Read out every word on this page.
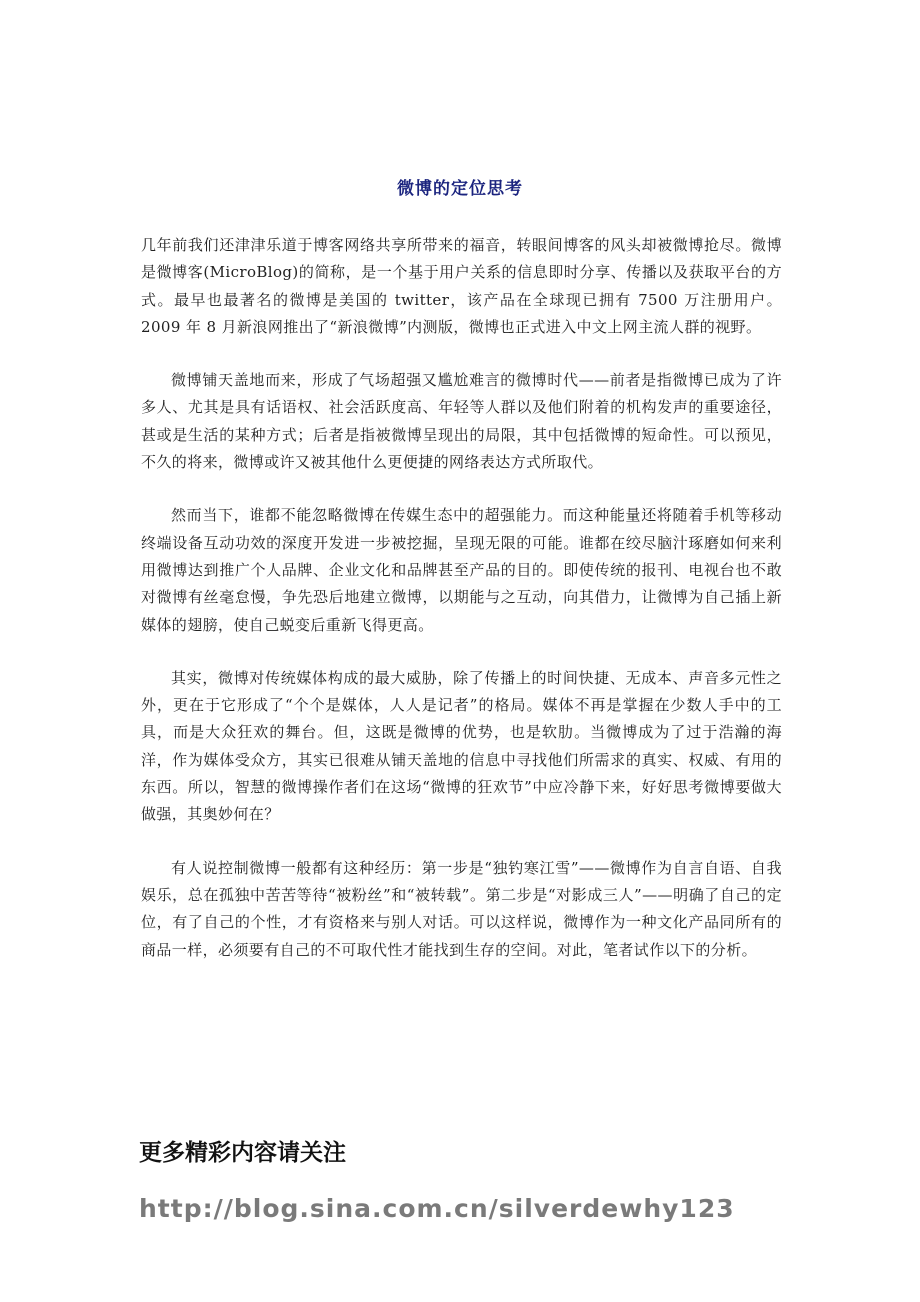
微博的定位思考

几年前我们还津津乐道于博客网络共享所带来的福音，转眼间博客的风头却被微博抢尽。微博是微博客(MicroBlog)的简称，是一个基于用户关系的信息即时分享、传播以及获取平台的方式。最早也最著名的微博是美国的 twitter，该产品在全球现已拥有 7500 万注册用户。2009 年 8 月新浪网推出了“新浪微博”内测版，微博也正式进入中文上网主流人群的视野。

微博铺天盖地而来，形成了气场超强又尴尬难言的微博时代——前者是指微博已成为了许多人、尤其是具有话语权、社会活跃度高、年轻等人群以及他们附着的机构发声的重要途径，甚或是生活的某种方式；后者是指被微博呈现出的局限，其中包括微博的短命性。可以预见，不久的将来，微博或许又被其他什么更便捷的网络表达方式所取代。

然而当下，谁都不能忽略微博在传媒生态中的超强能力。而这种能量还将随着手机等移动终端设备互动功效的深度开发进一步被挖掘，呈现无限的可能。谁都在绞尽脑汁琢磨如何来利用微博达到推广个人品牌、企业文化和品牌甚至产品的目的。即使传统的报刊、电视台也不敢对微博有丝毫怠慢，争先恐后地建立微博，以期能与之互动，向其借力，让微博为自己插上新媒体的翅膀，使自己蜕变后重新飞得更高。

其实，微博对传统媒体构成的最大威胁，除了传播上的时间快捷、无成本、声音多元性之外，更在于它形成了“个个是媒体，人人是记者”的格局。媒体不再是掌握在少数人手中的工具，而是大众狂欢的舞台。但，这既是微博的优势，也是软肋。当微博成为了过于浩瀚的海洋，作为媒体受众方，其实已很难从铺天盖地的信息中寻找他们所需求的真实、权威、有用的东西。所以，智慧的微博操作者们在这场“微博的狂欢节”中应冷静下来，好好思考微博要做大做强，其奥妙何在？

有人说控制微博一般都有这种经历：第一步是“独钓寒江雪”——微博作为自言自语、自我娱乐，总在孤独中苦苦等待“被粉丝”和“被转载”。第二步是“对影成三人”——明确了自己的定位，有了自己的个性，才有资格来与别人对话。可以这样说，微博作为一种文化产品同所有的商品一样，必须要有自己的不可取代性才能找到生存的空间。对此，笔者试作以下的分析。

更多精彩内容请关注
http://blog.sina.com.cn/silverdewhy123
